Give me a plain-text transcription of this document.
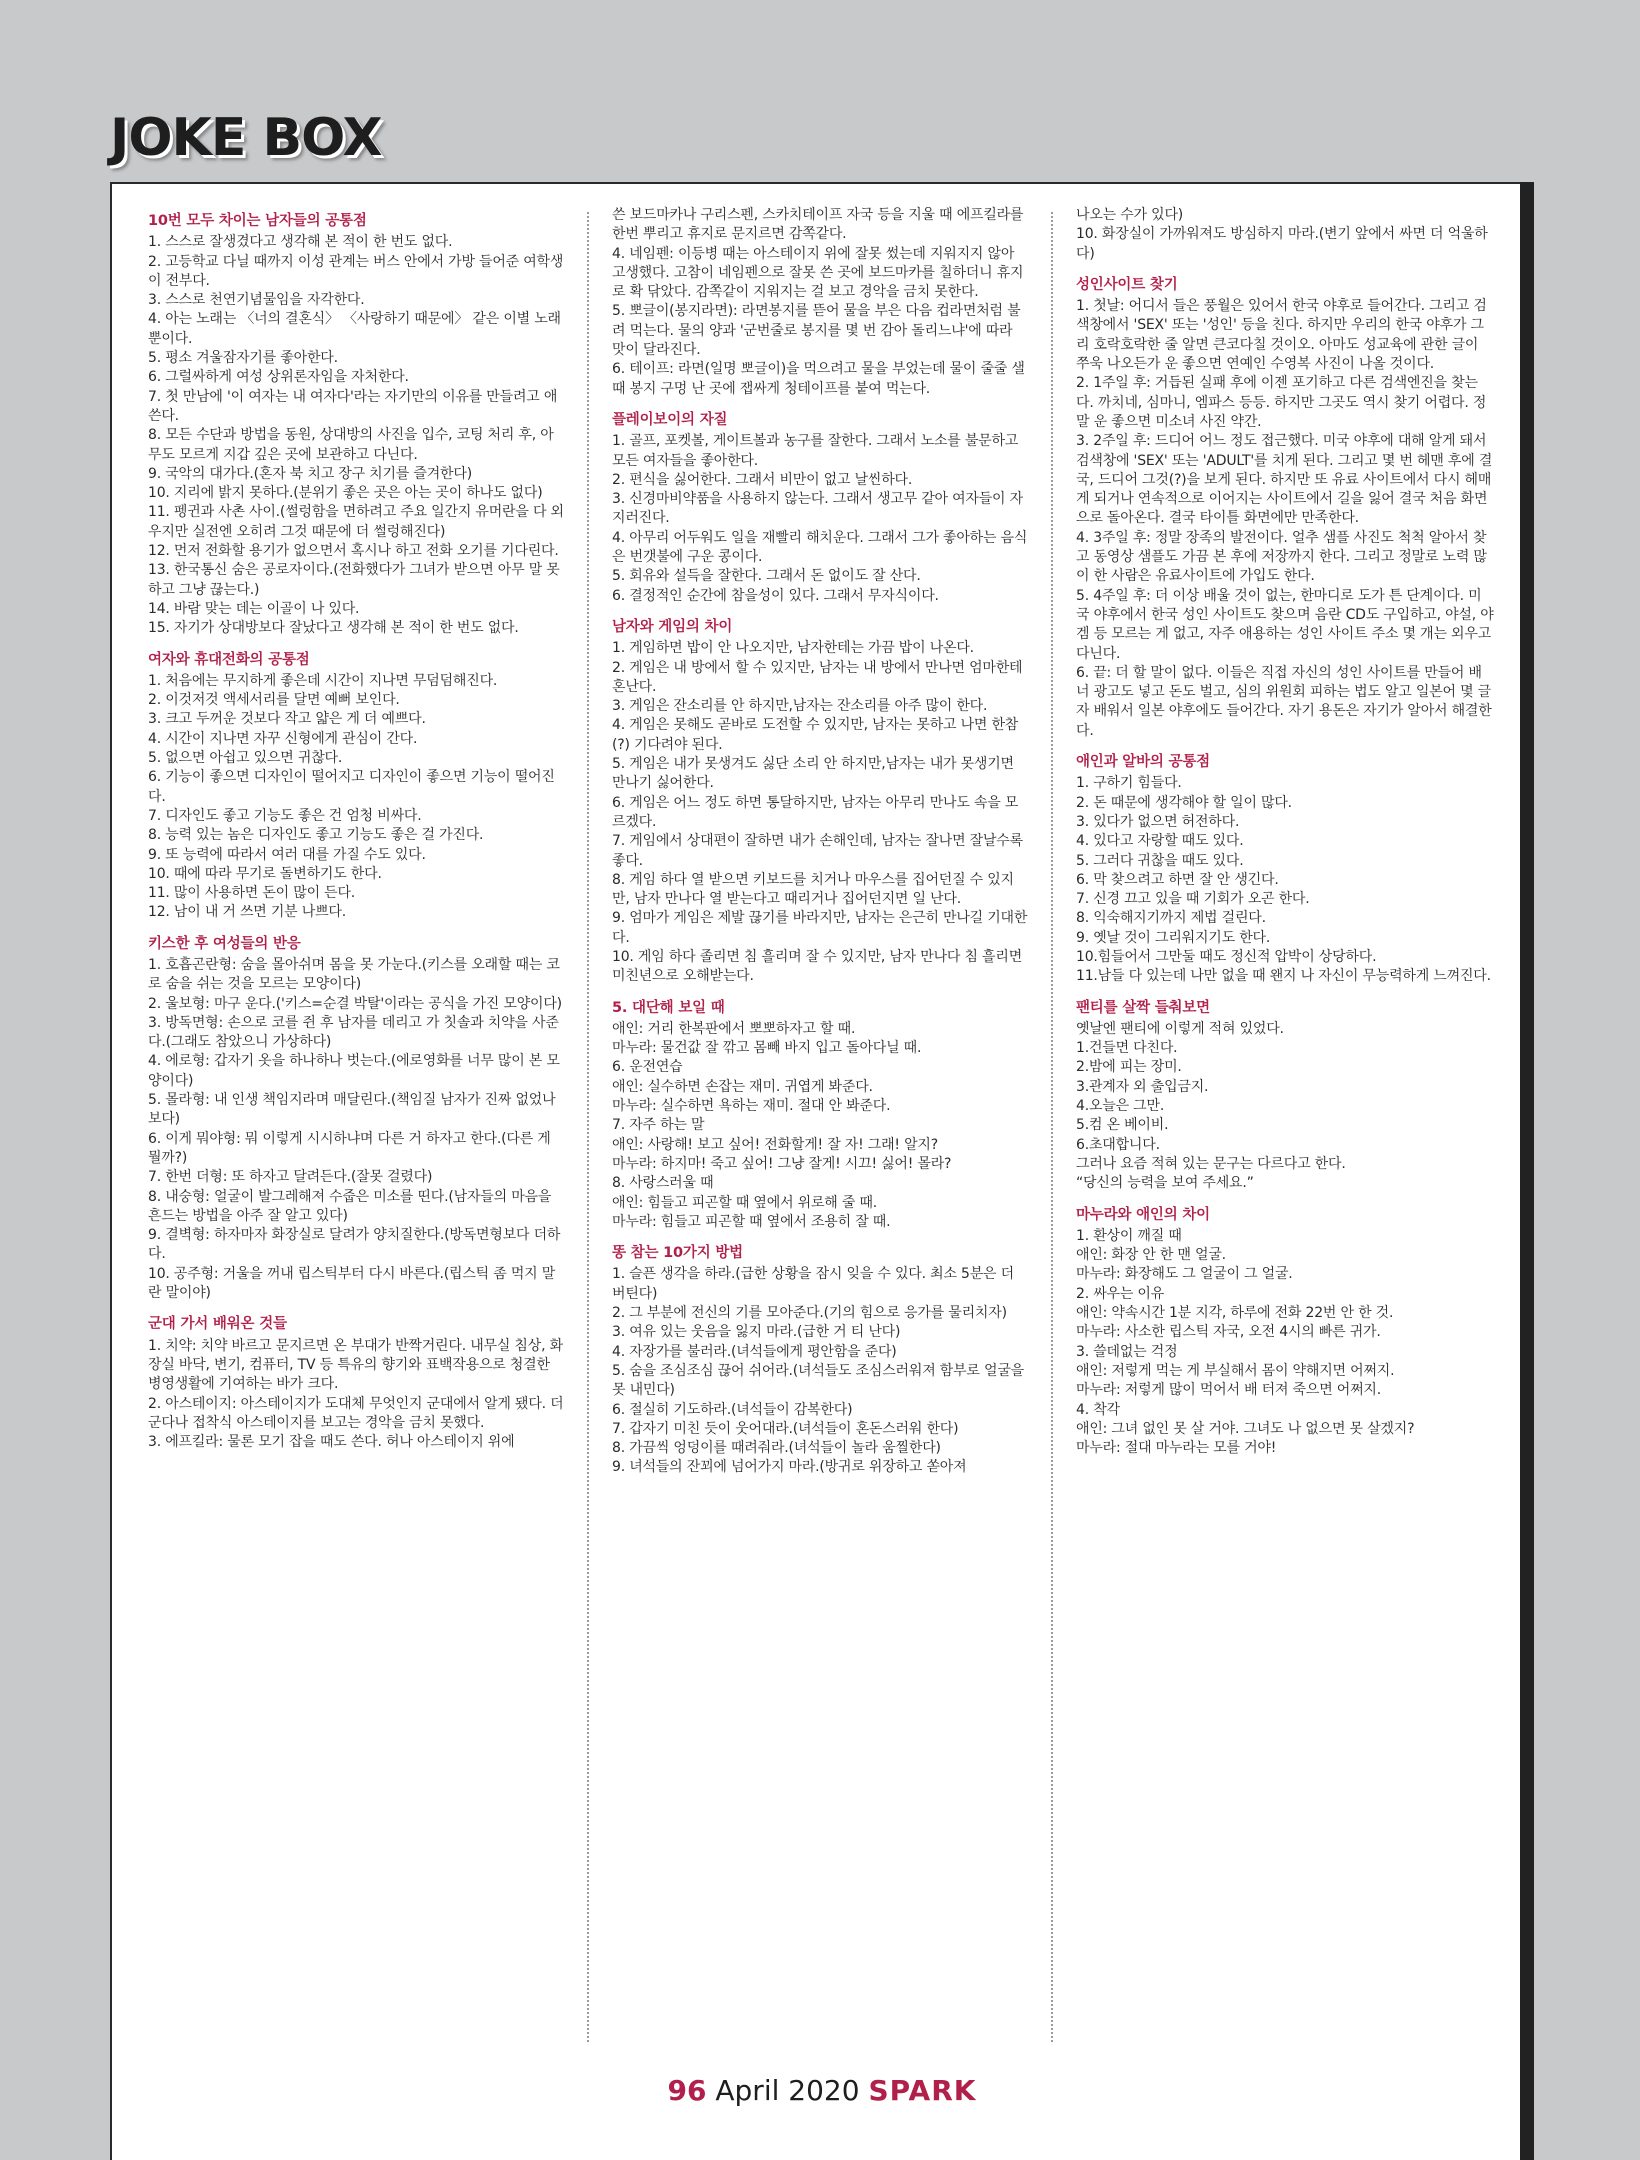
JOKE BOX
10번 모두 차이는 남자들의 공통점
1. 스스로 잘생겼다고 생각해 본 적이 한 번도 없다.
2. 고등학교 다닐 때까지 이성 관계는 버스 안에서 가방 들어준 여학생이 전부다.
3. 스스로 천연기념물임을 자각한다.
4. 아는 노래는 〈너의 결혼식〉 〈사랑하기 때문에〉 같은 이별 노래뿐이다.
5. 평소 겨울잠자기를 좋아한다.
6. 그럴싸하게 여성 상위론자임을 자처한다.
7. 첫 만남에 '이 여자는 내 여자다'라는 자기만의 이유를 만들려고 애쓴다.
8. 모든 수단과 방법을 동원, 상대방의 사진을 입수, 코팅 처리 후, 아무도 모르게 지갑 깊은 곳에 보관하고 다닌다.
9. 국악의 대가다.(혼자 북 치고 장구 치기를 즐겨한다)
10. 지리에 밝지 못하다.(분위기 좋은 곳은 아는 곳이 하나도 없다)
11. 펭귄과 사촌 사이.(썰렁함을 면하려고 주요 일간지 유머란을 다 외우지만 실전엔 오히려 그것 때문에 더 썰렁해진다)
12. 먼저 전화할 용기가 없으면서 혹시나 하고 전화 오기를 기다린다.
13. 한국통신 숨은 공로자이다.(전화했다가 그녀가 받으면 아무 말 못하고 그냥 끊는다.)
14. 바람 맞는 데는 이골이 나 있다.
15. 자기가 상대방보다 잘났다고 생각해 본 적이 한 번도 없다.
여자와 휴대전화의 공통점
1. 처음에는 무지하게 좋은데 시간이 지나면 무덤덤해진다.
2. 이것저것 액세서리를 달면 예뻐 보인다.
3. 크고 두꺼운 것보다 작고 얇은 게 더 예쁘다.
4. 시간이 지나면 자꾸 신형에게 관심이 간다.
5. 없으면 아쉽고 있으면 귀찮다.
6. 기능이 좋으면 디자인이 떨어지고 디자인이 좋으면 기능이 떨어진다.
7. 디자인도 좋고 기능도 좋은 건 엄청 비싸다.
8. 능력 있는 놈은 디자인도 좋고 기능도 좋은 걸 가진다.
9. 또 능력에 따라서 여러 대를 가질 수도 있다.
10. 때에 따라 무기로 돌변하기도 한다.
11. 많이 사용하면 돈이 많이 든다.
12. 남이 내 거 쓰면 기분 나쁘다.
키스한 후 여성들의 반응
1. 호흡곤란형: 숨을 몰아쉬며 몸을 못 가눈다.(키스를 오래할 때는 코로 숨을 쉬는 것을 모르는 모양이다)
2. 울보형: 마구 운다.('키스=순결 박탈'이라는 공식을 가진 모양이다)
3. 방독면형: 손으로 코를 쥔 후 남자를 데리고 가 칫솔과 치약을 사준다.(그래도 참았으니 가상하다)
4. 에로형: 갑자기 옷을 하나하나 벗는다.(에로영화를 너무 많이 본 모양이다)
5. 몰라형: 내 인생 책임지라며 매달린다.(책임질 남자가 진짜 없었나 보다)
6. 이게 뭐야형: 뭐 이렇게 시시하냐며 다른 거 하자고 한다.(다른 게 뭘까?)
7. 한번 더형: 또 하자고 달려든다.(잘못 걸렸다)
8. 내숭형: 얼굴이 발그레해져 수줍은 미소를 띤다.(남자들의 마음을 흔드는 방법을 아주 잘 알고 있다)
9. 결벽형: 하자마자 화장실로 달려가 양치질한다.(방독면형보다 더하다.
10. 공주형: 거울을 꺼내 립스틱부터 다시 바른다.(립스틱 좀 먹지 말란 말이야)
군대 가서 배워온 것들
1. 치약: 치약 바르고 문지르면 온 부대가 반짝거린다. 내무실 침상, 화장실 바닥, 변기, 컴퓨터, TV 등 특유의 향기와 표백작용으로 청결한 병영생활에 기여하는 바가 크다.
2. 아스테이지: 아스테이지가 도대체 무엇인지 군대에서 알게 됐다. 더군다나 접착식 아스테이지를 보고는 경악을 금치 못했다.
3. 에프킬라: 물론 모기 잡을 때도 쓴다. 허나 아스테이지 위에
쓴 보드마카나 구리스펜, 스카치테이프 자국 등을 지울 때 에프킬라를 한번 뿌리고 휴지로 문지르면 감쪽같다.
4. 네임펜: 이등병 때는 아스테이지 위에 잘못 썼는데 지워지지 않아 고생했다. 고참이 네임펜으로 잘못 쓴 곳에 보드마카를 칠하더니 휴지로 확 닦았다. 감쪽같이 지워지는 걸 보고 경악을 금치 못한다.
5. 뽀글이(봉지라면): 라면봉지를 뜯어 물을 부은 다음 컵라면처럼 불려 먹는다. 물의 양과 '군번줄로 봉지를 몇 번 감아 돌리느냐'에 따라 맛이 달라진다.
6. 테이프: 라면(일명 뽀글이)을 먹으려고 물을 부었는데 물이 줄줄 샐 때 봉지 구멍 난 곳에 잽싸게 청테이프를 붙여 먹는다.
플레이보이의 자질
1. 골프, 포켓볼, 게이트볼과 농구를 잘한다. 그래서 노소를 불문하고 모든 여자들을 좋아한다.
2. 편식을 싫어한다. 그래서 비만이 없고 날씬하다.
3. 신경마비약품을 사용하지 않는다. 그래서 생고무 같아 여자들이 자지러진다.
4. 아무리 어두워도 일을 재빨리 해치운다. 그래서 그가 좋아하는 음식은 번갯불에 구운 콩이다.
5. 회유와 설득을 잘한다. 그래서 돈 없이도 잘 산다.
6. 결정적인 순간에 참을성이 있다. 그래서 무자식이다.
남자와 게임의 차이
1. 게임하면 밥이 안 나오지만, 남자한테는 가끔 밥이 나온다.
2. 게임은 내 방에서 할 수 있지만, 남자는 내 방에서 만나면 엄마한테 혼난다.
3. 게임은 잔소리를 안 하지만,남자는 잔소리를 아주 많이 한다.
4. 게임은 못해도 곧바로 도전할 수 있지만, 남자는 못하고 나면 한참(?) 기다려야 된다.
5. 게임은 내가 못생겨도 싫단 소리 안 하지만,남자는 내가 못생기면 만나기 싫어한다.
6. 게임은 어느 정도 하면 통달하지만, 남자는 아무리 만나도 속을 모르겠다.
7. 게임에서 상대편이 잘하면 내가 손해인데, 남자는 잘나면 잘날수록 좋다.
8. 게임 하다 열 받으면 키보드를 치거나 마우스를 집어던질 수 있지만, 남자 만나다 열 받는다고 때리거나 집어던지면 일 난다.
9. 엄마가 게임은 제발 끊기를 바라지만, 남자는 은근히 만나길 기대한다.
10. 게임 하다 졸리면 침 흘리며 잘 수 있지만, 남자 만나다 침 흘리면 미친년으로 오해받는다.
5. 대단해 보일 때
애인: 거리 한복판에서 뽀뽀하자고 할 때.
마누라: 물건값 잘 깎고 몸빼 바지 입고 돌아다닐 때.
6. 운전연습
애인: 실수하면 손잡는 재미. 귀엽게 봐준다.
마누라: 실수하면 욕하는 재미. 절대 안 봐준다.
7. 자주 하는 말
애인: 사랑해! 보고 싶어! 전화할게! 잘 자! 그래! 알지?
마누라: 하지마! 죽고 싶어! 그냥 잘게! 시끄! 싫어! 몰라?
8. 사랑스러울 때
애인: 힘들고 피곤할 때 옆에서 위로해 줄 때.
마누라: 힘들고 피곤할 때 옆에서 조용히 잘 때.
똥 참는 10가지 방법
1. 슬픈 생각을 하라.(급한 상황을 잠시 잊을 수 있다. 최소 5분은 더 버틴다)
2. 그 부분에 전신의 기를 모아준다.(기의 힘으로 응가를 물리치자)
3. 여유 있는 웃음을 잃지 마라.(급한 거 티 난다)
4. 자장가를 불러라.(녀석들에게 평안함을 준다)
5. 숨을 조심조심 끊어 쉬어라.(녀석들도 조심스러워져 함부로 얼굴을 못 내민다)
6. 절실히 기도하라.(녀석들이 감복한다)
7. 갑자기 미친 듯이 웃어대라.(녀석들이 혼돈스러워 한다)
8. 가끔씩 엉덩이를 때려줘라.(녀석들이 놀라 움찔한다)
9. 녀석들의 잔꾀에 넘어가지 마라.(방귀로 위장하고 쏟아져
나오는 수가 있다)
10. 화장실이 가까워져도 방심하지 마라.(변기 앞에서 싸면 더 억울하다)
성인사이트 찾기
1. 첫날: 어디서 들은 풍월은 있어서 한국 야후로 들어간다. 그리고 검색창에서 'SEX' 또는 '성인' 등을 친다. 하지만 우리의 한국 야후가 그리 호락호락한 줄 알면 큰코다칠 것이오. 아마도 성교육에 관한 글이 쭈욱 나오든가 운 좋으면 연예인 수영복 사진이 나올 것이다.
2. 1주일 후: 거듭된 실패 후에 이젠 포기하고 다른 검색엔진을 찾는다. 까치네, 심마니, 엠파스 등등. 하지만 그곳도 역시 찾기 어렵다. 정말 운 좋으면 미소녀 사진 약간.
3. 2주일 후: 드디어 어느 정도 접근했다. 미국 야후에 대해 알게 돼서 검색창에 'SEX' 또는 'ADULT'를 치게 된다. 그리고 몇 번 헤맨 후에 결국, 드디어 그것(?)을 보게 된다. 하지만 또 유료 사이트에서 다시 헤매게 되거나 연속적으로 이어지는 사이트에서 길을 잃어 결국 처음 화면으로 돌아온다. 결국 타이틀 화면에만 만족한다.
4. 3주일 후: 정말 장족의 발전이다. 얼추 샘플 사진도 척척 알아서 찾고 동영상 샘플도 가끔 본 후에 저장까지 한다. 그리고 정말로 노력 많이 한 사람은 유료사이트에 가입도 한다.
5. 4주일 후: 더 이상 배울 것이 없는, 한마디로 도가 튼 단계이다. 미국 야후에서 한국 성인 사이트도 찾으며 음란 CD도 구입하고, 야설, 야겜 등 모르는 게 없고, 자주 애용하는 성인 사이트 주소 몇 개는 외우고 다닌다.
6. 끝: 더 할 말이 없다. 이들은 직접 자신의 성인 사이트를 만들어 배너 광고도 넣고 돈도 벌고, 심의 위원회 피하는 법도 알고 일본어 몇 글자 배워서 일본 야후에도 들어간다. 자기 용돈은 자기가 알아서 해결한다.
애인과 알바의 공통점
1. 구하기 힘들다.
2. 돈 때문에 생각해야 할 일이 많다.
3. 있다가 없으면 허전하다.
4. 있다고 자랑할 때도 있다.
5. 그러다 귀찮을 때도 있다.
6. 막 찾으려고 하면 잘 안 생긴다.
7. 신경 끄고 있을 때 기회가 오곤 한다.
8. 익숙해지기까지 제법 걸린다.
9. 옛날 것이 그리워지기도 한다.
10.힘들어서 그만둘 때도 정신적 압박이 상당하다.
11.남들 다 있는데 나만 없을 때 왠지 나 자신이 무능력하게 느껴진다.
팬티를 살짝 들춰보면
옛날엔 팬티에 이렇게 적혀 있었다.
1.건들면 다친다.
2.밤에 피는 장미.
3.관계자 외 출입금지.
4.오늘은 그만.
5.컴 온 베이비.
6.초대합니다.
그러나 요즘 적혀 있는 문구는 다르다고 한다.
“당신의 능력을 보여 주세요.”
마누라와 애인의 차이
1. 환상이 깨질 때
애인: 화장 안 한 맨 얼굴.
마누라: 화장해도 그 얼굴이 그 얼굴.
2. 싸우는 이유
애인: 약속시간 1분 지각, 하루에 전화 22번 안 한 것.
마누라: 사소한 립스틱 자국, 오전 4시의 빠른 귀가.
3. 쓸데없는 걱정
애인: 저렇게 먹는 게 부실해서 몸이 약해지면 어쩌지.
마누라: 저렇게 많이 먹어서 배 터져 죽으면 어쩌지.
4. 착각
애인: 그녀 없인 못 살 거야. 그녀도 나 없으면 못 살겠지?
마누라: 절대 마누라는 모를 거야!
96 April 2020 SPARK
